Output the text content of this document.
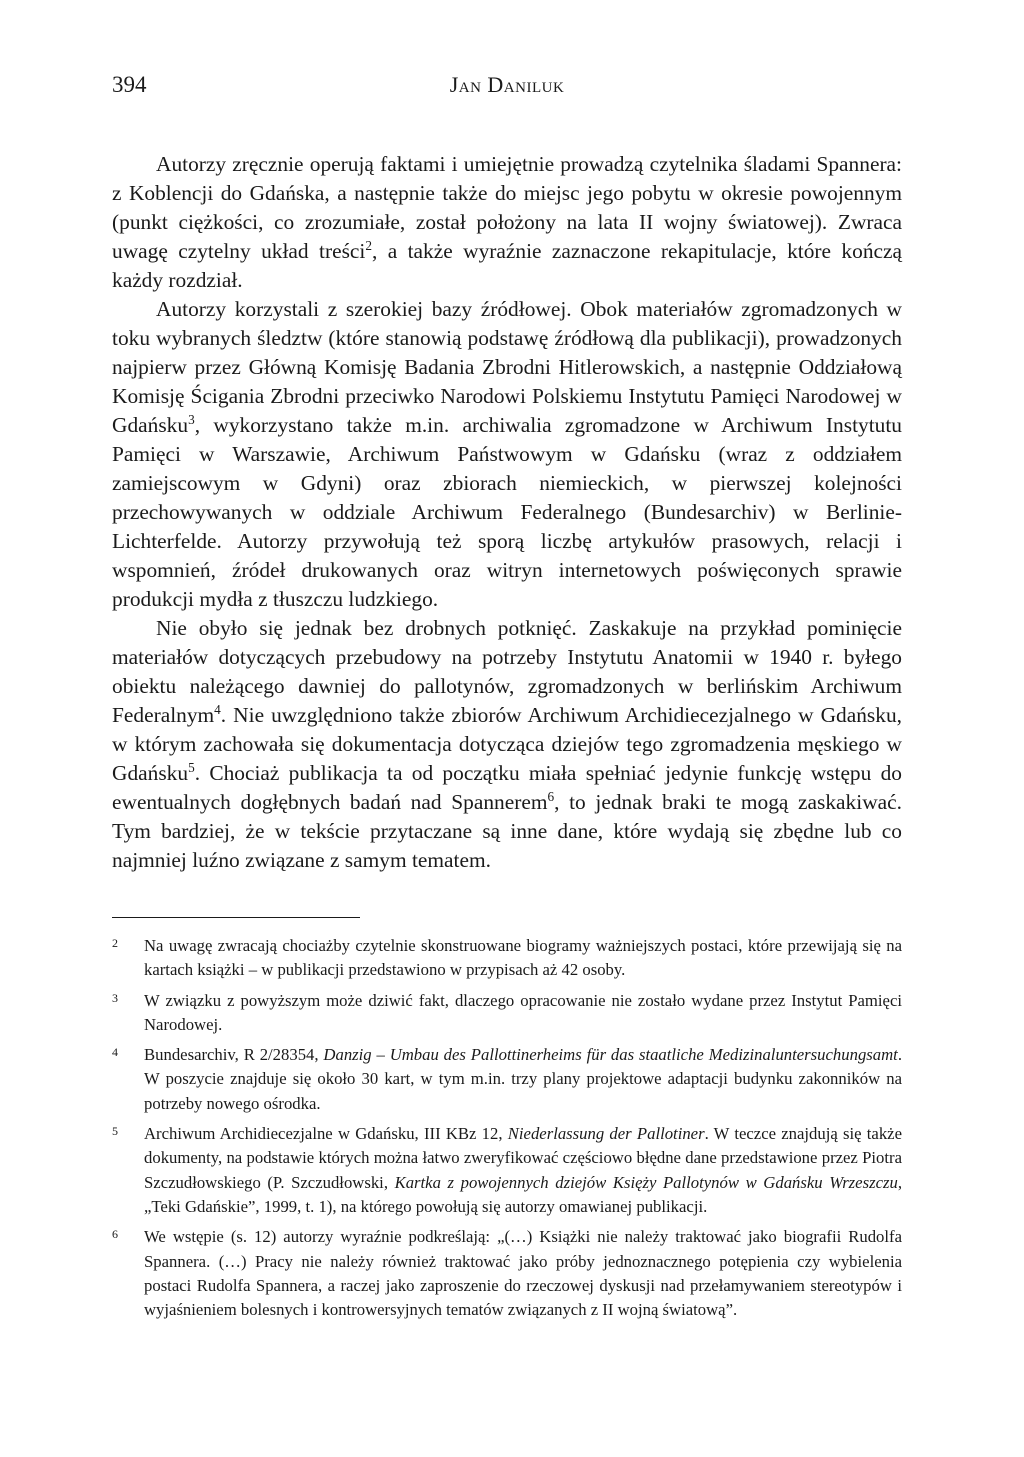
394	Jan Daniluk

Autorzy zręcznie operują faktami i umiejętnie prowadzą czytelnika śladami Spannera: z Koblencji do Gdańska, a następnie także do miejsc jego pobytu w okresie powojennym (punkt ciężkości, co zrozumiałe, został położony na lata II wojny światowej). Zwraca uwagę czytelny układ treści$^2$, a także wyraźnie zaznaczone rekapitulacje, które kończą każdy rozdział.

Autorzy korzystali z szerokiej bazy źródłowej. Obok materiałów zgromadzonych w toku wybranych śledztw (które stanowią podstawę źródłową dla publikacji), prowadzonych najpierw przez Główną Komisję Badania Zbrodni Hitlerowskich, a następnie Oddziałową Komisję Ścigania Zbrodni przeciwko Narodowi Polskiemu Instytutu Pamięci Narodowej w Gdańsku$^3$, wykorzystano także m.in. archiwalia zgromadzone w Archiwum Instytutu Pamięci w Warszawie, Archiwum Państwowym w Gdańsku (wraz z oddziałem zamiejscowym w Gdyni) oraz zbiorach niemieckich, w pierwszej kolejności przechowywanych w oddziale Archiwum Federalnego (Bundesarchiv) w Berlinie-Lichterfelde. Autorzy przywołują też sporą liczbę artykułów prasowych, relacji i wspomnień, źródeł drukowanych oraz witryn internetowych poświęconych sprawie produkcji mydła z tłuszczu ludzkiego.

Nie obyło się jednak bez drobnych potknięć. Zaskakuje na przykład pominięcie materiałów dotyczących przebudowy na potrzeby Instytutu Anatomii w 1940 r. byłego obiektu należącego dawniej do pallotynów, zgromadzonych w berlińskim Archiwum Federalnym$^4$. Nie uwzględniono także zbiorów Archiwum Archidiecezjalnego w Gdańsku, w którym zachowała się dokumentacja dotycząca dziejów tego zgromadzenia męskiego w Gdańsku$^5$. Chociaż publikacja ta od początku miała spełniać jedynie funkcję wstępu do ewentualnych dogłębnych badań nad Spannerem$^6$, to jednak braki te mogą zaskakiwać. Tym bardziej, że w tekście przytaczane są inne dane, które wydają się zbędne lub co najmniej luźno związane z samym tematem.

2 Na uwagę zwracają chociażby czytelnie skonstruowane biogramy ważniejszych postaci, które przewijają się na kartach książki – w publikacji przedstawiono w przypisach aż 42 osoby.
3 W związku z powyższym może dziwić fakt, dlaczego opracowanie nie zostało wydane przez Instytut Pamięci Narodowej.
4 Bundesarchiv, R 2/28354, Danzig – Umbau des Pallottinerheims für das staatliche Medizinaluntersuchungsamt. W poszycie znajduje się około 30 kart, w tym m.in. trzy plany projektowe adaptacji budynku zakonników na potrzeby nowego ośrodka.
5 Archiwum Archidiecezjalne w Gdańsku, III KBz 12, Niederlassung der Pallotiner. W teczce znajdują się także dokumenty, na podstawie których można łatwo zweryfikować częściowo błędne dane przedstawione przez Piotra Szczudłowskiego (P. Szczudłowski, Kartka z powojennych dziejów Księży Pallotynów w Gdańsku Wrzeszczu, „Teki Gdańskie”, 1999, t. 1), na którego powołują się autorzy omawianej publikacji.
6 We wstępie (s. 12) autorzy wyraźnie podkreślają: „(…) Książki nie należy traktować jako biografii Rudolfa Spannera. (…) Pracy nie należy również traktować jako próby jednoznacznego potępienia czy wybielenia postaci Rudolfa Spannera, a raczej jako zaproszenie do rzeczowej dyskusji nad przełamywaniem stereotypów i wyjaśnieniem bolesnych i kontrowersyjnych tematów związanych z II wojną światową”.
